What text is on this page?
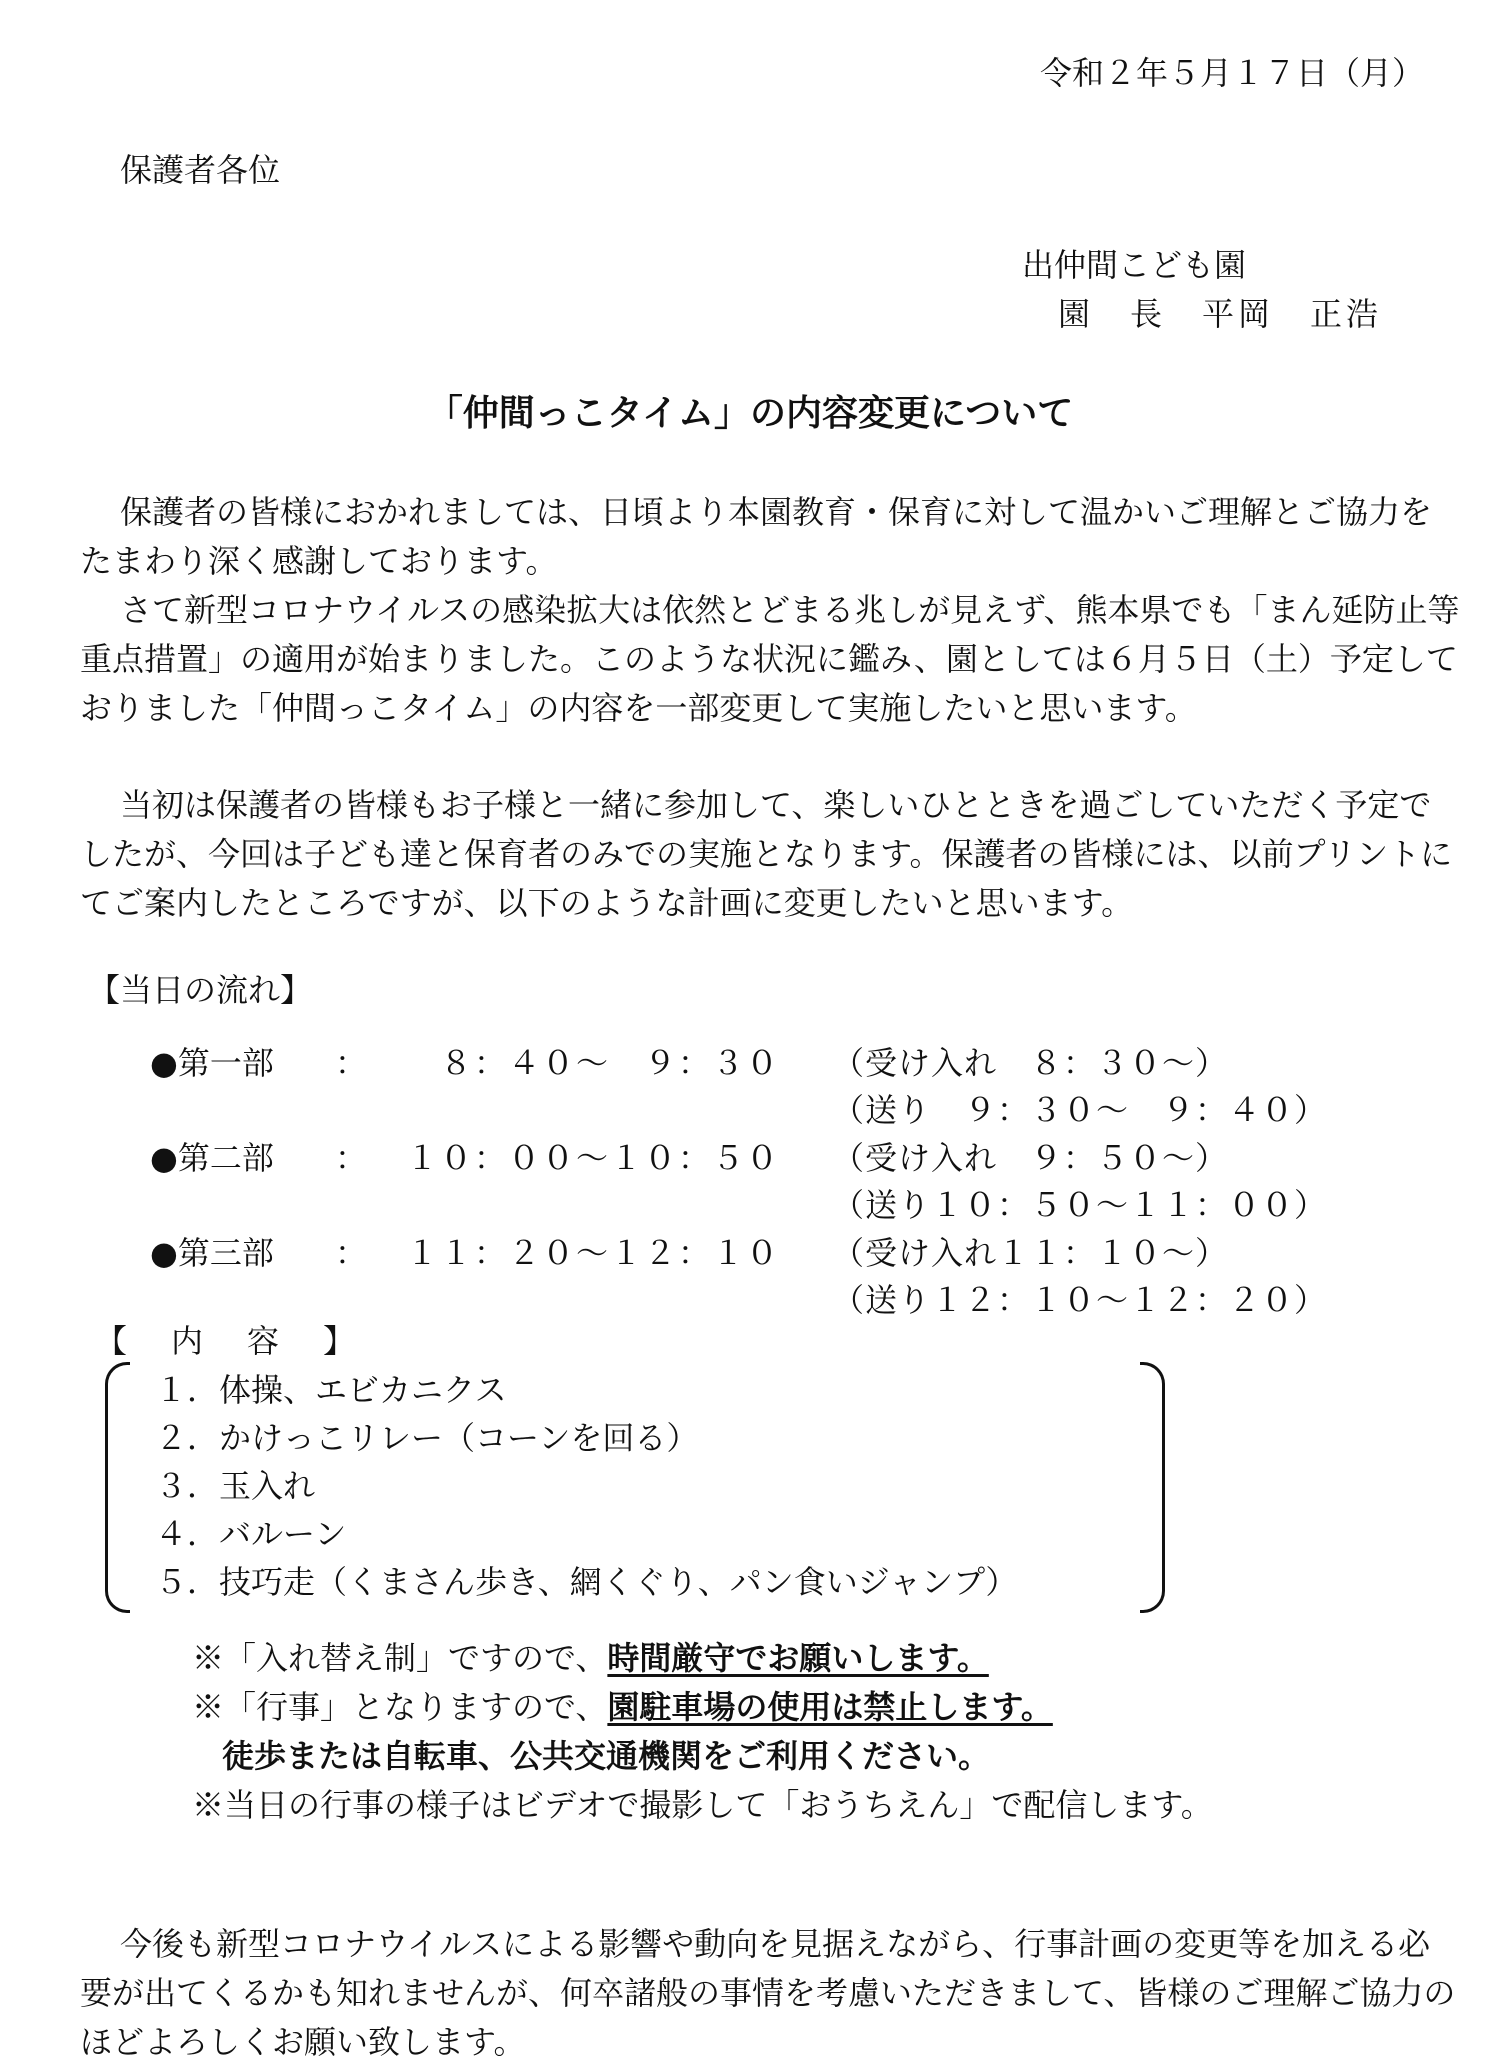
令和２年５月１７日（月）
保護者各位
出仲間こども園
園　長　平岡　正浩
「仲間っこタイム」の内容変更について
保護者の皆様におかれましては、日頃より本園教育・保育に対して温かいご理解とご協力をたまわり深く感謝しております。
さて新型コロナウイルスの感染拡大は依然とどまる兆しが見えず、熊本県でも「まん延防止等重点措置」の適用が始まりました。このような状況に鑑み、園としては６月５日（土）予定しておりました「仲間っこタイム」の内容を一部変更して実施したいと思います。
当初は保護者の皆様もお子様と一緒に参加して、楽しいひとときを過ごしていただく予定でしたが、今回は子ども達と保育者のみでの実施となります。保護者の皆様には、以前プリントにてご案内したところですが、以下のような計画に変更したいと思います。
【当日の流れ】
●第一部 ：	８：４０～　９：３０ （受け入れ　８：３０～）
（送り　９：３０～　９：４０）
●第二部 ： １０：００～１０：５０ （受け入れ　９：５０～）
（送り１０：５０～１１：００）
●第三部 ： １１：２０～１２：１０ （受け入れ１１：１０～）
（送り１２：１０～１２：２０）
【　内　容　】
１．体操、エビカニクス
２．かけっこリレー（コーンを回る）
３．玉入れ
４．バルーン
５．技巧走（くまさん歩き、網くぐり、パン食いジャンプ）
※「入れ替え制」ですので、時間厳守でお願いします。
※「行事」となりますので、園駐車場の使用は禁止します。
徒歩または自転車、公共交通機関をご利用ください。
※当日の行事の様子はビデオで撮影して「おうちえん」で配信します。
今後も新型コロナウイルスによる影響や動向を見据えながら、行事計画の変更等を加える必要が出てくるかも知れませんが、何卒諸般の事情を考慮いただきまして、皆様のご理解ご協力のほどよろしくお願い致します。
